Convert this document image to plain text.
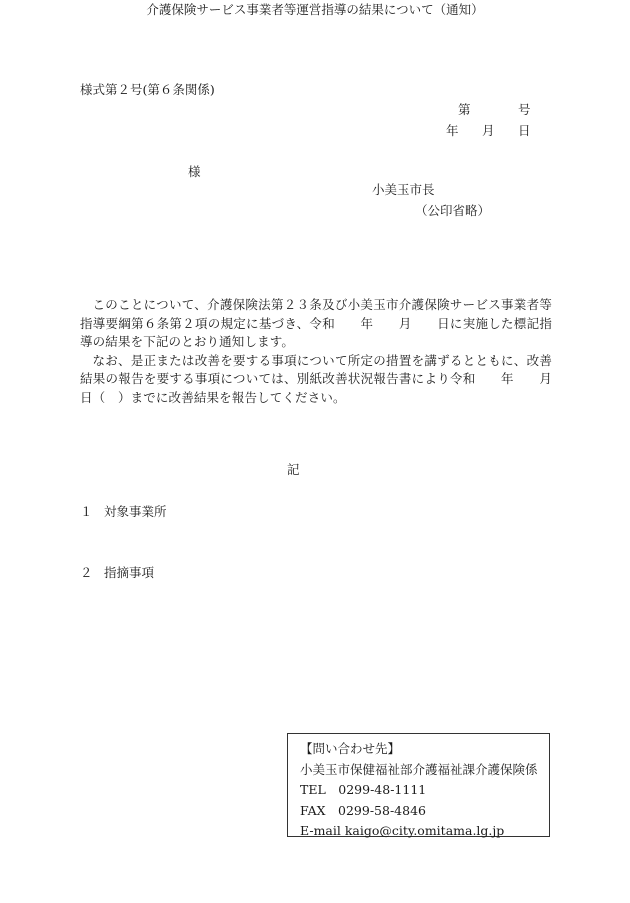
様式第２号(第６条関係)
第	号
年 月 日
様
小美玉市長
（公印省略）
介護保険サービス事業者等運営指導の結果について（通知）

このことについて、介護保険法第２３条及び小美玉市介護保険サービス事業者等指導要綱第６条第２項の規定に基づき、令和　　年　　月　　日に実施した標記指導の結果を下記のとおり通知します。

なお、是正または改善を要する事項について所定の措置を講ずるとともに、改善結果の報告を要する事項については、別紙改善状況報告書により令和　　年　　月　　日（　）までに改善結果を報告してください。

記
１ 対象事業所
２ 指摘事項
【問い合わせ先】
小美玉市保健福祉部介護福祉課介護保険係
TEL　0299-48-1111
FAX　0299-58-4846
E-mail kaigo@city.omitama.lg.jp
